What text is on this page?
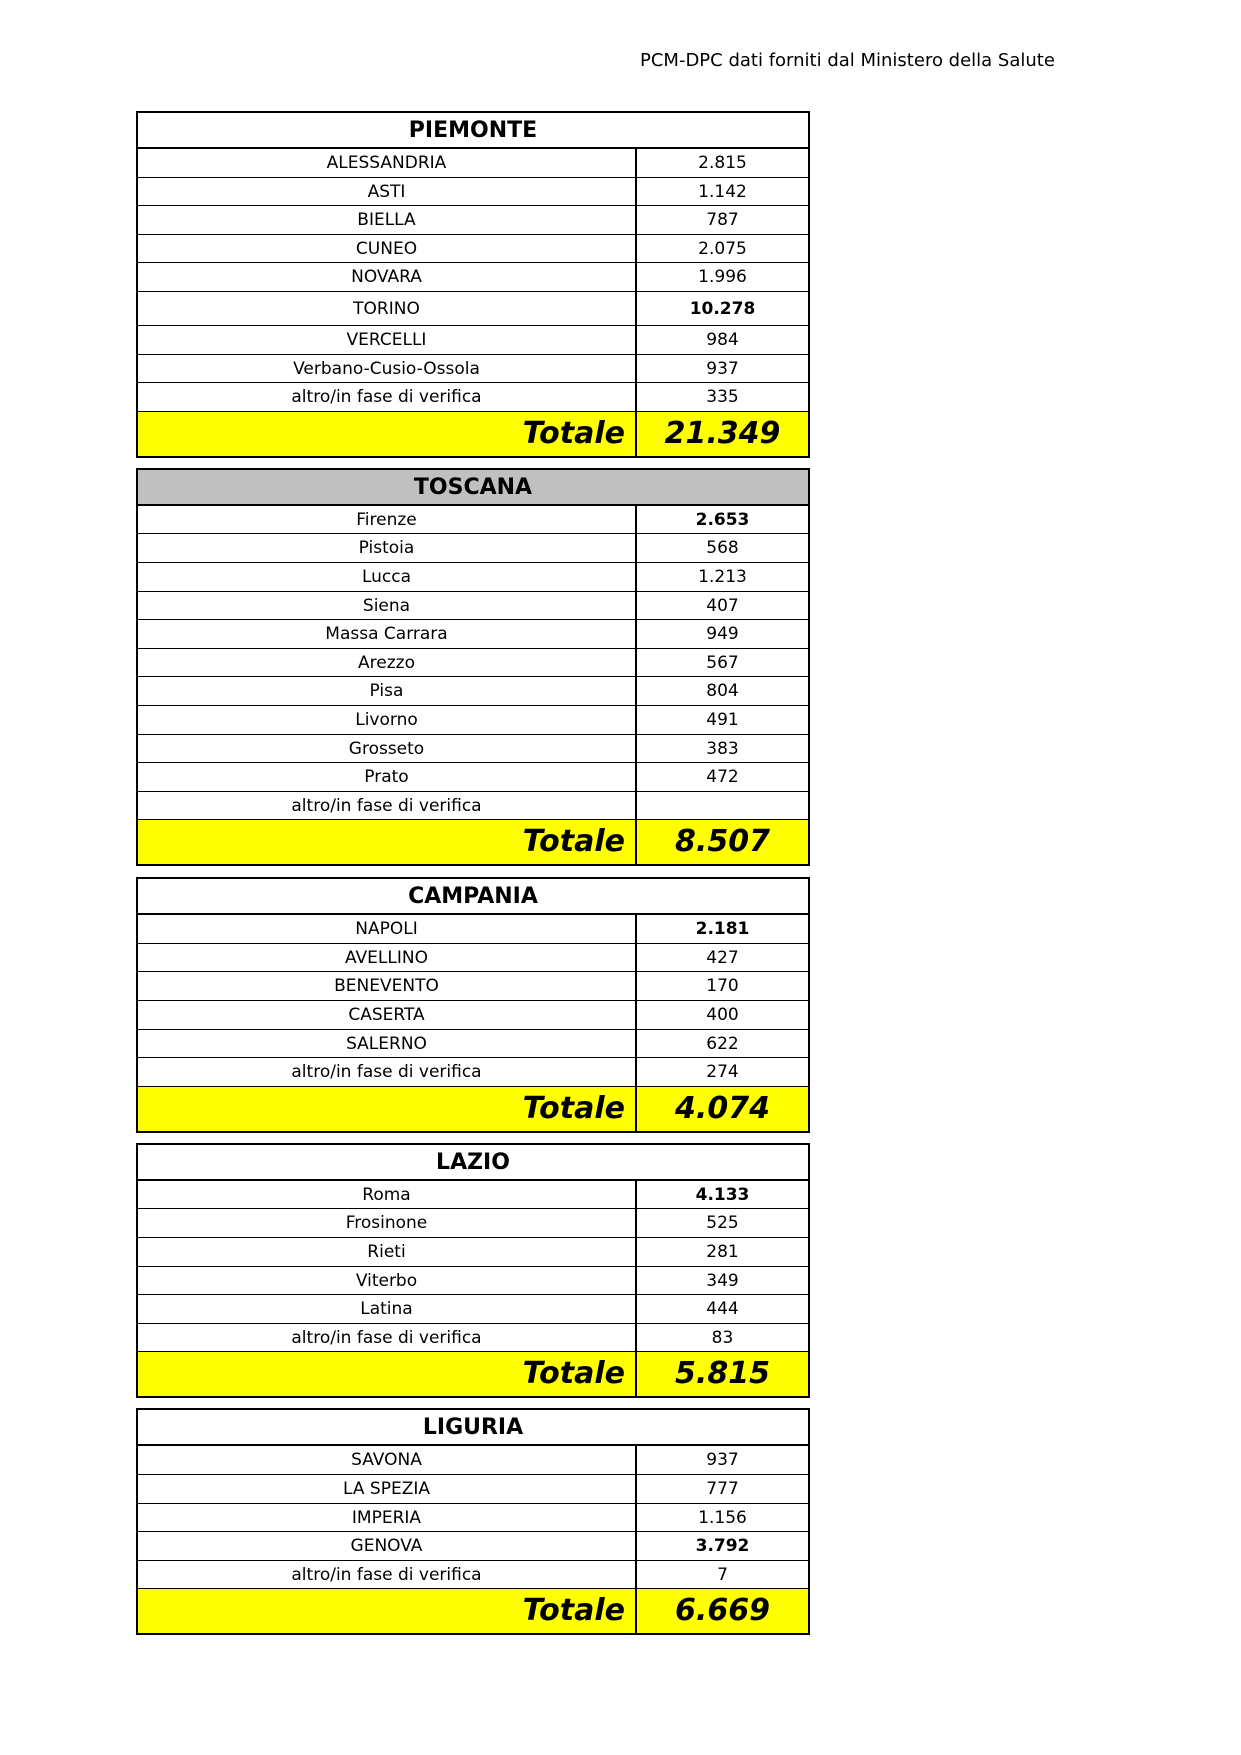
PCM-DPC dati forniti dal Ministero della Salute
PIEMONTE
ALESSANDRIA	2.815
ASTI	1.142
BIELLA	787
CUNEO	2.075
NOVARA	1.996
TORINO	10.278
VERCELLI	984
Verbano-Cusio-Ossola	937
altro/in fase di verifica	335
Totale	21.349
TOSCANA
Firenze	2.653
Pistoia	568
Lucca	1.213
Siena	407
Massa Carrara	949
Arezzo	567
Pisa	804
Livorno	491
Grosseto	383
Prato	472
altro/in fase di verifica
Totale	8.507
CAMPANIA
NAPOLI	2.181
AVELLINO	427
BENEVENTO	170
CASERTA	400
SALERNO	622
altro/in fase di verifica	274
Totale	4.074
LAZIO
Roma	4.133
Frosinone	525
Rieti	281
Viterbo	349
Latina	444
altro/in fase di verifica	83
Totale	5.815
LIGURIA
SAVONA	937
LA SPEZIA	777
IMPERIA	1.156
GENOVA	3.792
altro/in fase di verifica	7
Totale	6.669
